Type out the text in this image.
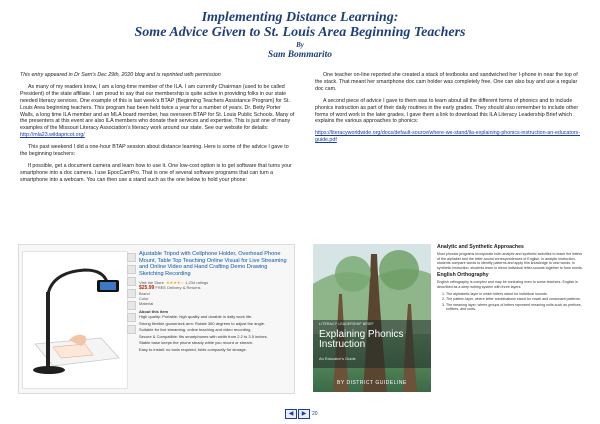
Implementing Distance Learning:
Some Advice Given to St. Louis Area Beginning Teachers
By
Sam Bommarito

This entry appeared in Dr Sam’s Dec 29th, 2020 blog and is reprinted with permission

As many of my readers know, I am a long-time member of the ILA. I am currently Chairman (used to be called President) of the state affiliate. I am proud to say that our membership is quite active in providing folks in our state needed literacy services. One example of this is last week’s BTAP (Beginning Teachers Assistance Program) for St. Louis Area beginning teachers. This program has been held twice a year for a number of years. Dr. Betty Porter Walls, a long time ILA member and an MLA board member, has overseen BTAP for St. Louis Public Schools. Many of the presenters at this event are also ILA members who donate their services and expertise. This is just one of many examples of the Missouri Literacy Association’s literacy work around our state. See our website for details: http://mla23.wildapricot.org/

This past weekend I did a one-hour BTAP session about distance learning. Here is some of the advice I gave to the beginning teachers:

If possible, get a document camera and learn how to use it. One low-cost option is to get software that turns your smartphone into a doc camera. I use EpocCamPro. That is one of several software programs that can turn a smartphone into a webcam. You can then use a stand such as the one below to hold your phone:

One teacher on-line reported she created a stack of textbooks and sandwiched her I-phone in near the top of the stack. That meant her smartphone doc cam holder was completely free. One can also buy and use a regular doc cam.

A second piece of advice I gave to them was to learn about all the different forms of phonics and to include phonics instruction as part of their daily routines in the early grades. They should also remember to include other forms of word work in the later grades. I gave them a link to download this ILA Literacy Leadership Brief which explains the various approaches to phonics:

https://literacyworldwide.org/docs/default-source/where-we-stand/ila-explaining-phonics-instruction-an-educators-guide.pdf

Ajustable Tripod with Cellphone Holder, Overhead Phone Mount, Table Top Teaching Online Visual for Live Streaming and Online Video and Hand Crafting Demo Drawing Sketching Recording
Visit the Store ★★★★☆ 1,234 ratings
$25.99 FREE Delivery & Returns
Brand
Color
Material
About this item
High quality: Portable, high quality and durable in daily work life.
Strong flexible gooseneck arm: Rotate 360 degrees to adjust the angle.
Suitable for live streaming, online teaching and video recording.
Secure & Compatible: fits smartphones with width from 2.2 to 3.5 inches.
Stable base keeps the phone steady while you record or stream.
Easy to install: no tools required, folds compactly for storage.
LITERACY LEADERSHIP BRIEF
Explaining Phonics
Instruction
An Educator’s Guide
BY DISTRICT GUIDELINE
Analytic and Synthetic Approaches

Most phonics programs incorporate both analytic and synthetic activities to teach the letters of the alphabet and the letter-sound correspondences of English. In analytic instruction, students compare words to identify patterns and apply this knowledge to new words. In synthetic instruction, students learn to blend individual letter-sounds together to form words.

English Orthography

English orthography is complex and may be confusing even to some teachers. English is described as a deep writing system with three layers:

1. The alphabetic layer in which letters stand for individual sounds.
2. The pattern layer, where letter combinations stand for vowel and consonant patterns.
3. The meaning layer, where groups of letters represent meaning units such as prefixes, suffixes, and roots.
◀ ▶ 20
